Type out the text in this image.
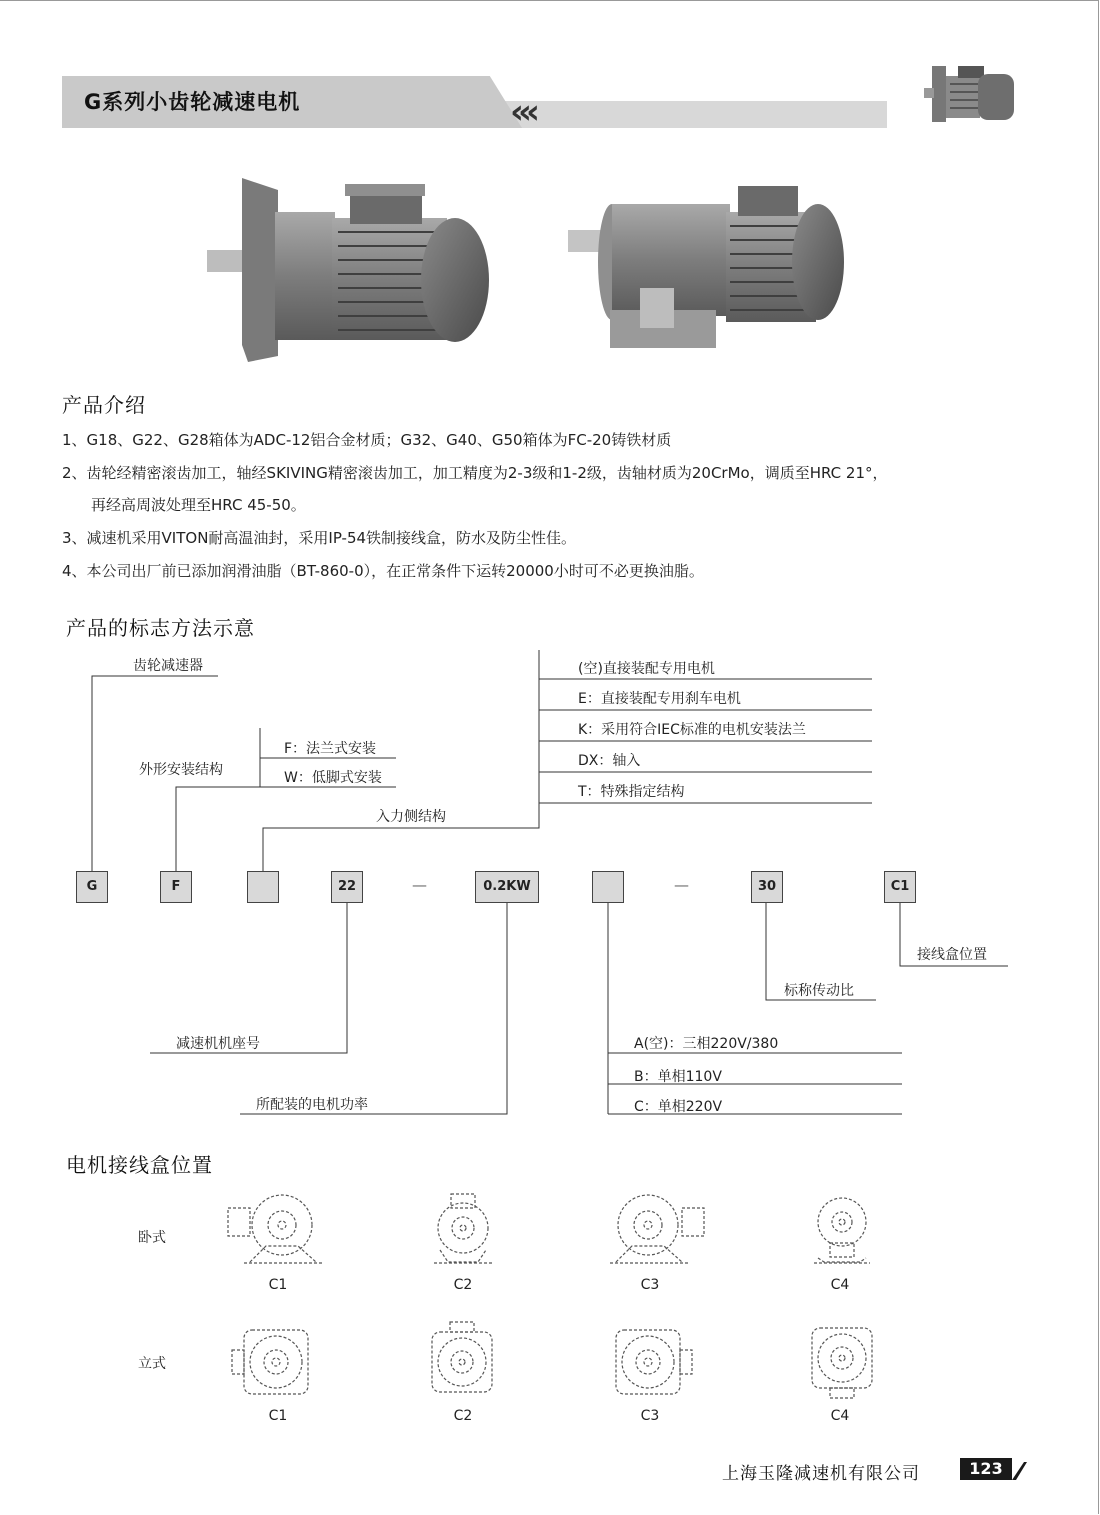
G系列小齿轮减速电机	‹‹‹
产品介绍
1、G18、G22、G28箱体为ADC-12铝合金材质；G32、G40、G50箱体为FC-20铸铁材质
2、齿轮经精密滚齿加工，轴经SKIVING精密滚齿加工，加工精度为2-3级和1-2级，齿轴材质为20CrMo，调质至HRC 21°，
再经高周波处理至HRC 45-50。
3、减速机采用VITON耐高温油封，采用IP-54铁制接线盒，防水及防尘性佳。
4、本公司出厂前已添加润滑油脂（BT-860-0），在正常条件下运转20000小时可不必更换油脂。
产品的标志方法示意
齿轮减速器
外形安装结构
F：法兰式安装
W：低脚式安装
入力侧结构
(空)直接装配专用电机
E：直接装配专用刹车电机
K：采用符合IEC标准的电机安装法兰
DX：轴入
T：特殊指定结构
G	F	22	—	0.2KW	—	30	C1
接线盒位置
标称传动比
减速机机座号
所配装的电机功率
A(空)：三相220V/380
B：单相110V
C：单相220V
电机接线盒位置
卧式
立式
C1	C2	C3	C4
C1	C2	C3	C4
上海玉隆减速机有限公司	123
